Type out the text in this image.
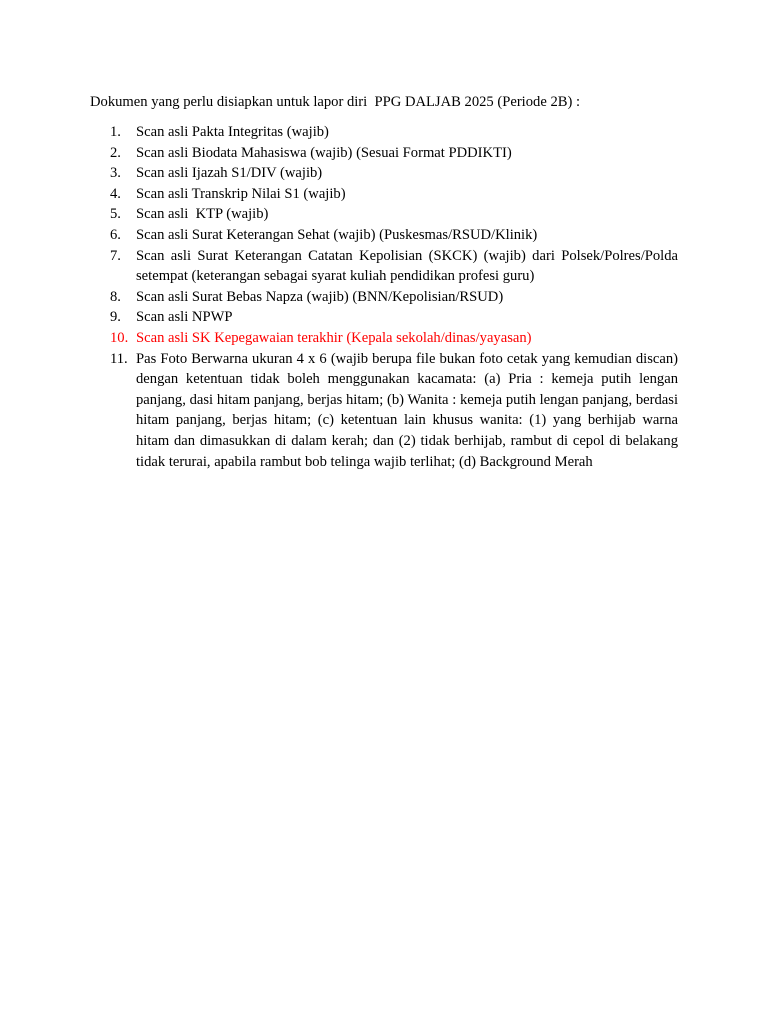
Dokumen yang perlu disiapkan untuk lapor diri  PPG DALJAB 2025 (Periode 2B) :

1.	Scan asli Pakta Integritas (wajib)
2.	Scan asli Biodata Mahasiswa (wajib) (Sesuai Format PDDIKTI)
3.	Scan asli Ijazah S1/DIV (wajib)
4.	Scan asli Transkrip Nilai S1 (wajib)
5.	Scan asli  KTP (wajib)
6.	Scan asli Surat Keterangan Sehat (wajib) (Puskesmas/RSUD/Klinik)
7.	Scan asli Surat Keterangan Catatan Kepolisian (SKCK) (wajib) dari Polsek/Polres/Polda setempat (keterangan sebagai syarat kuliah pendidikan profesi guru)
8.	Scan asli Surat Bebas Napza (wajib) (BNN/Kepolisian/RSUD)
9.	Scan asli NPWP
10. Scan asli SK Kepegawaian terakhir (Kepala sekolah/dinas/yayasan)
11. Pas Foto Berwarna ukuran 4 x 6 (wajib berupa file bukan foto cetak yang kemudian discan) dengan ketentuan tidak boleh menggunakan kacamata: (a) Pria : kemeja putih lengan panjang, dasi hitam panjang, berjas hitam; (b) Wanita : kemeja putih lengan panjang, berdasi hitam panjang, berjas hitam; (c) ketentuan lain khusus wanita: (1) yang berhijab warna hitam dan dimasukkan di dalam kerah; dan (2) tidak berhijab, rambut di cepol di belakang tidak terurai, apabila rambut bob telinga wajib terlihat; (d) Background Merah
